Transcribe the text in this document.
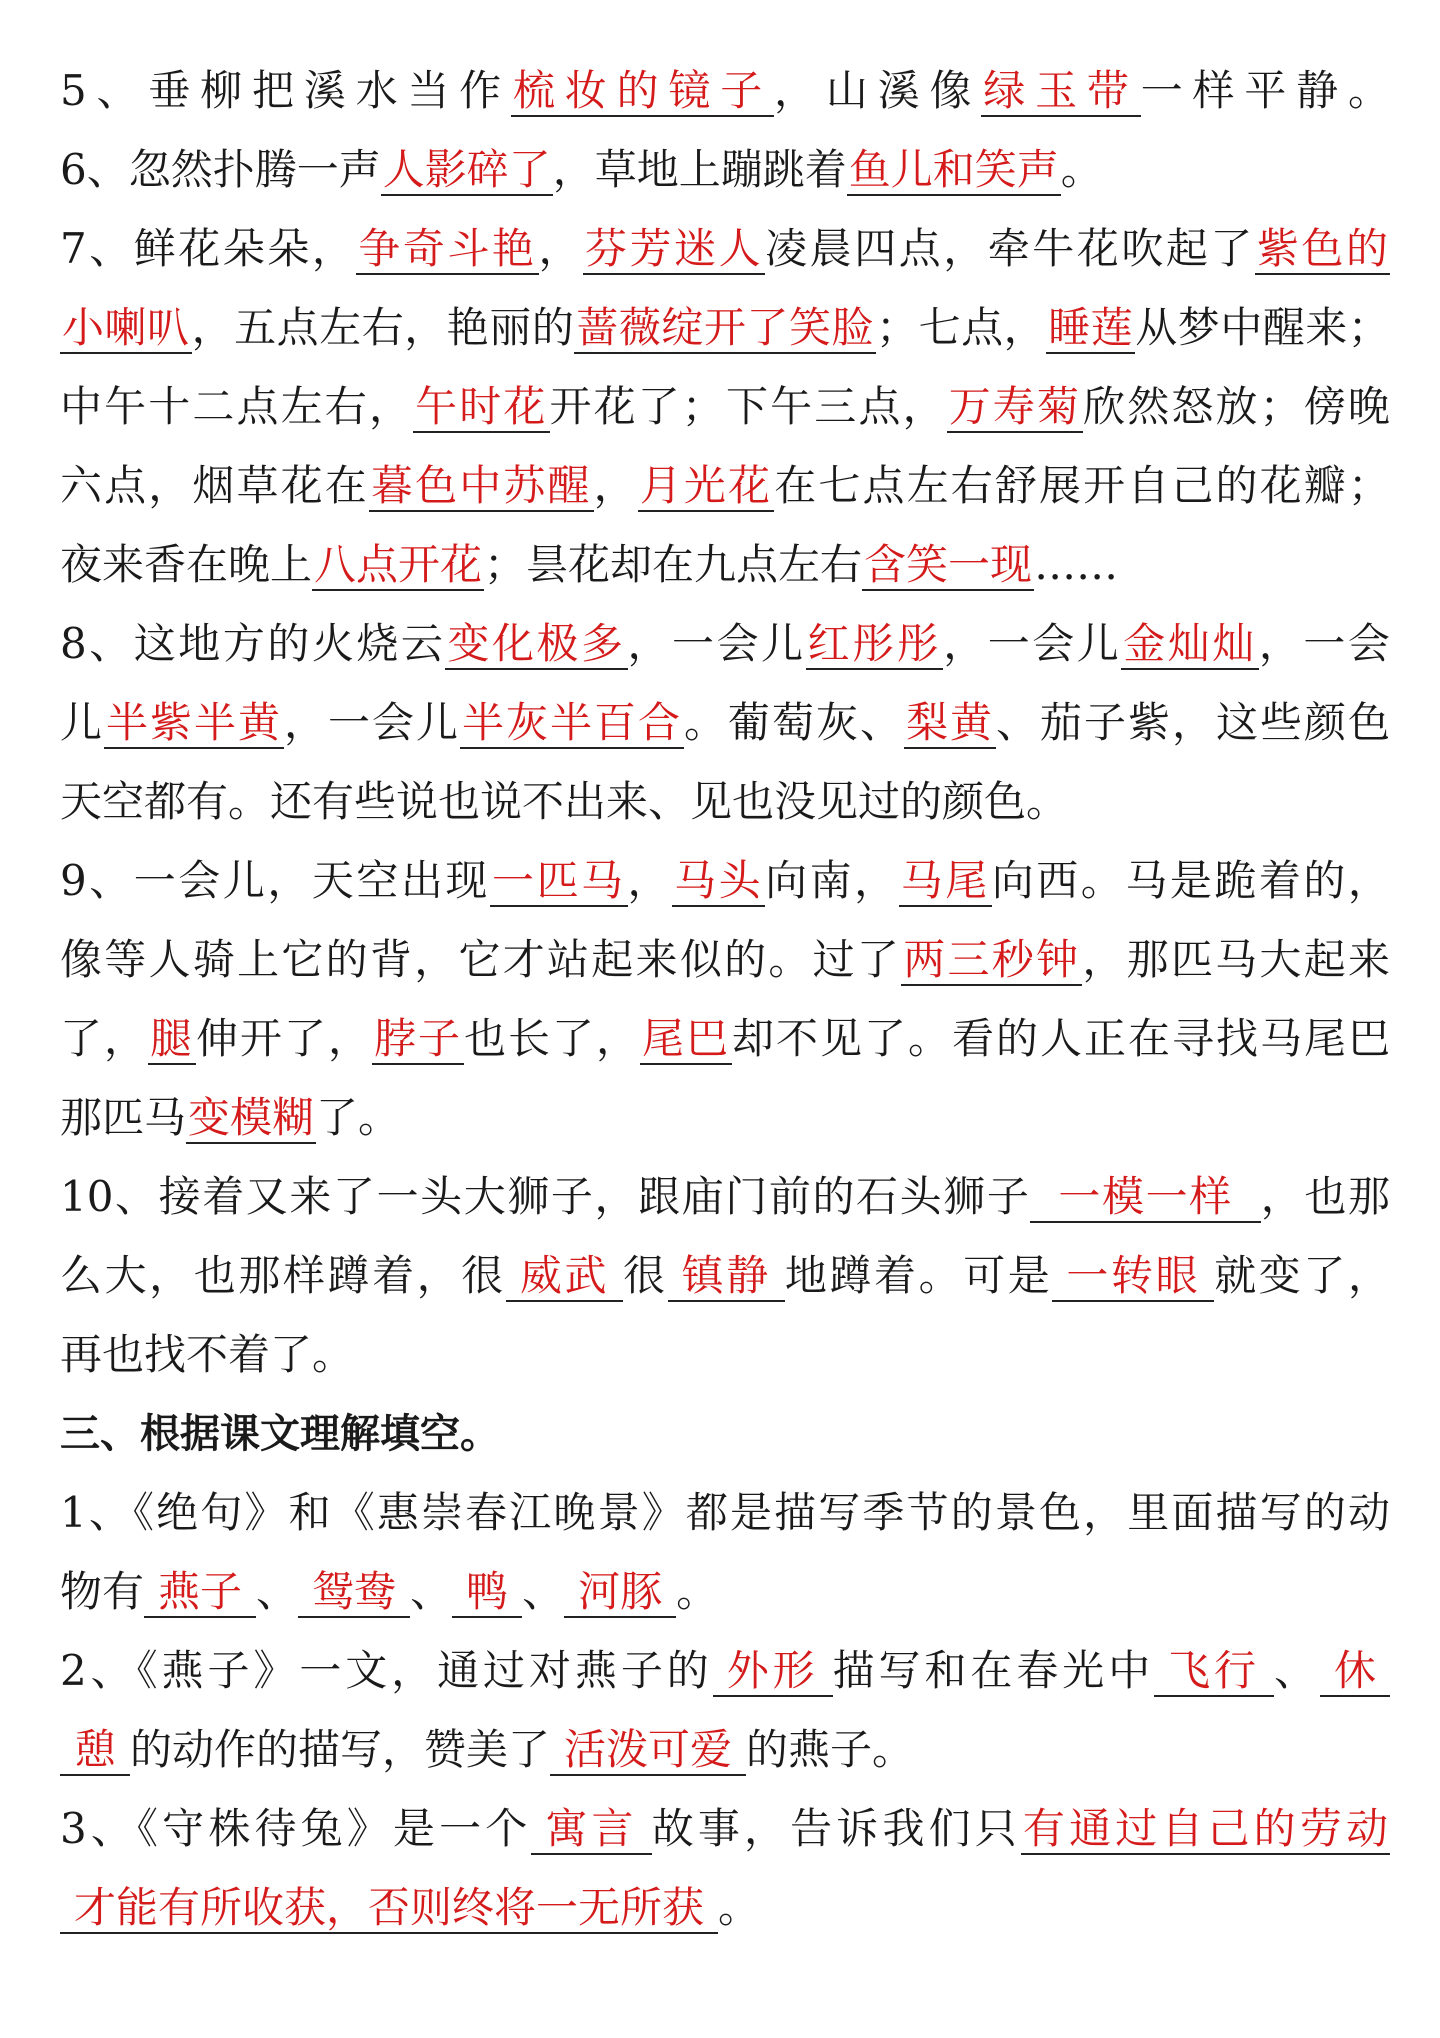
5、垂柳把溪水当作梳妆的镜子，山溪像绿玉带一样平静。
6、忽然扑腾一声人影碎了，草地上蹦跳着鱼儿和笑声。
7、鲜花朵朵，争奇斗艳，芬芳迷人凌晨四点，牵牛花吹起了紫色的
小喇叭，五点左右，艳丽的蔷薇绽开了笑脸；七点，睡莲从梦中醒来；
中午十二点左右，午时花开花了；下午三点，万寿菊欣然怒放；傍晚
六点，烟草花在暮色中苏醒，月光花在七点左右舒展开自己的花瓣；
夜来香在晚上八点开花；昙花却在九点左右含笑一现……
8、这地方的火烧云变化极多，一会儿红彤彤，一会儿金灿灿，一会
儿半紫半黄，一会儿半灰半百合。葡萄灰、梨黄、茄子紫，这些颜色
天空都有。还有些说也说不出来、见也没见过的颜色。
9、一会儿，天空出现一匹马，马头向南，马尾向西。马是跪着的，
像等人骑上它的背，它才站起来似的。过了两三秒钟，那匹马大起来
了，腿伸开了，脖子也长了，尾巴却不见了。看的人正在寻找马尾巴
那匹马变模糊了。
10、接着又来了一头大狮子，跟庙门前的石头狮子 一模一样 ，也那
么大，也那样蹲着，很 威武 很 镇静 地蹲着。可是 一转眼 就变了，
再也找不着了。
三、根据课文理解填空。
1、《绝句》和《惠崇春江晚景》都是描写季节的景色，里面描写的动
物有 燕子 、 鸳鸯 、 鸭 、 河豚 。
2、《燕子》一文，通过对燕子的 外形 描写和在春光中 飞行 、 休
憩 的动作的描写，赞美了 活泼可爱 的燕子。
3、《守株待兔》是一个 寓言 故事，告诉我们只有通过自己的劳动
才能有所收获，否则终将一无所获 。
